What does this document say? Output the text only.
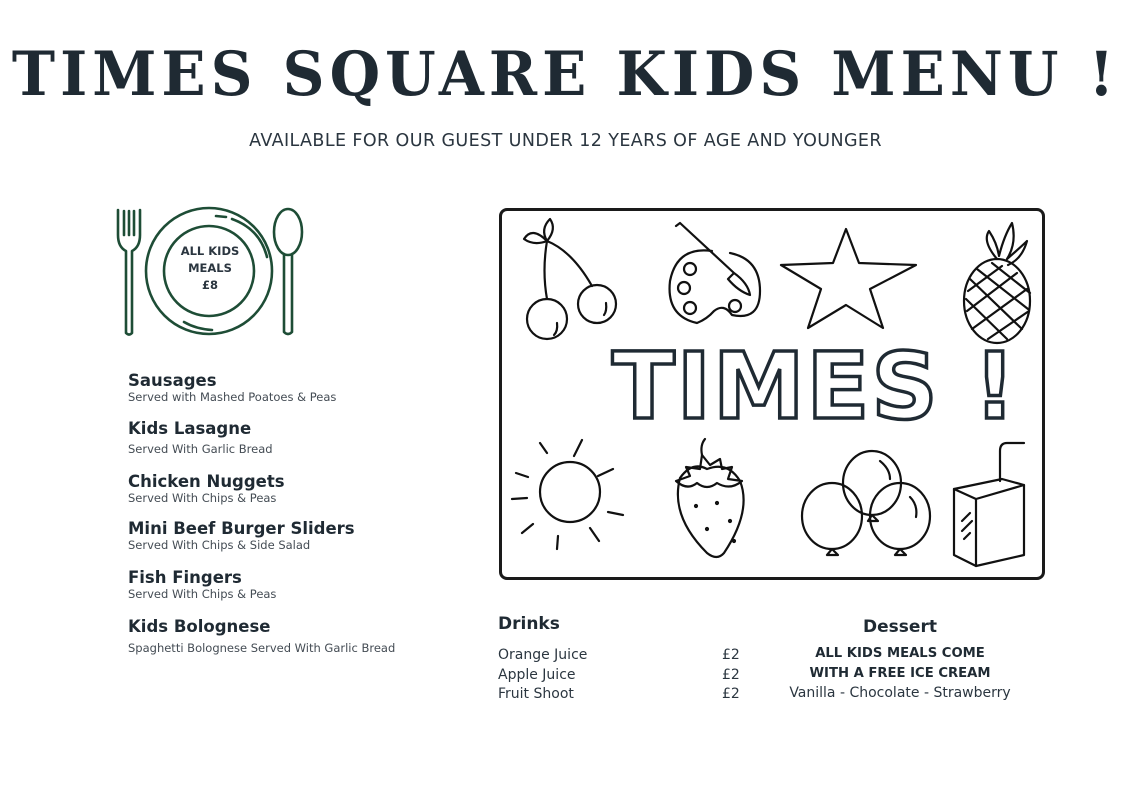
TIMES SQUARE KIDS MENU !
AVAILABLE FOR OUR GUEST UNDER 12 YEARS OF AGE AND YOUNGER
ALL KIDS
MEALS
£8
Sausages
Served with Mashed Poatoes & Peas
Kids Lasagne
Served With Garlic Bread
Chicken Nuggets
Served With Chips & Peas
Mini Beef Burger Sliders
Served With Chips & Side Salad
Fish Fingers
Served With Chips & Peas
Kids Bolognese
Spaghetti Bolognese Served With Garlic Bread
TIMES !
Drinks
Orange Juice	£2
Apple Juice	£2
Fruit Shoot	£2
Dessert
ALL KIDS MEALS COME
WITH A FREE ICE CREAM
Vanilla - Chocolate - Strawberry
